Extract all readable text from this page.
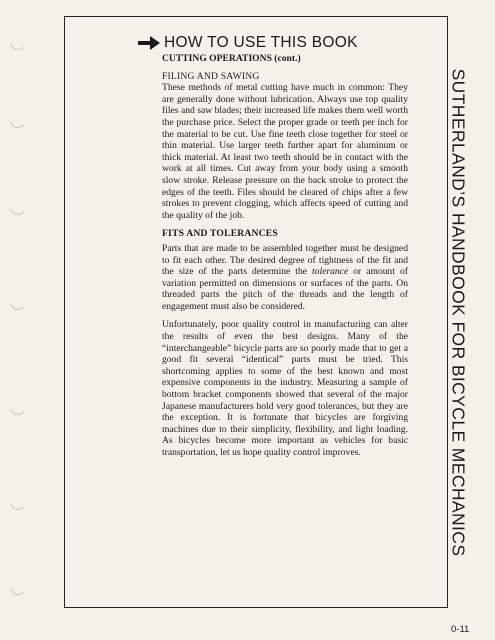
SUTHERLAND’S HANDBOOK FOR BICYCLE MECHANICS
HOW TO USE THIS BOOK
CUTTING OPERATIONS (cont.)
FILING AND SAWING

These methods of metal cutting have much in common: They are generally done without lubrication. Always use top quality files and saw blades; their increased life makes them well worth the purchase price. Select the proper grade or teeth per inch for the material to be cut. Use fine teeth close together for steel or thin material. Use larger teeth further apart for aluminum or thick material. At least two teeth should be in contact with the work at all times. Cut away from your body using a smooth slow stroke. Release pressure on the back stroke to protect the edges of the teeth. Files should be cleared of chips after a few strokes to prevent clogging, which affects speed of cutting and the quality of the job.

FITS AND TOLERANCES

Parts that are made to be assembled together must be designed to fit each other. The desired degree of tightness of the fit and the size of the parts determine the tolerance or amount of variation permitted on dimensions or surfaces of the parts. On threaded parts the pitch of the threads and the length of engagement must also be considered.

Unfortunately, poor quality control in manufacturing can alter the results of even the best designs. Many of the “interchangeable” bicycle parts are so poorly made that to get a good fit several “identical” parts must be tried. This shortcoming applies to some of the best known and most expensive components in the industry. Measuring a sample of bottom bracket components showed that several of the major Japanese manufacturers hold very good tolerances, but they are the exception. It is fortunate that bicycles are forgiving machines due to their simplicity, flexibility, and light loading. As bicycles become more important as vehicles for basic transportation, let us hope quality control improves.

0-11
